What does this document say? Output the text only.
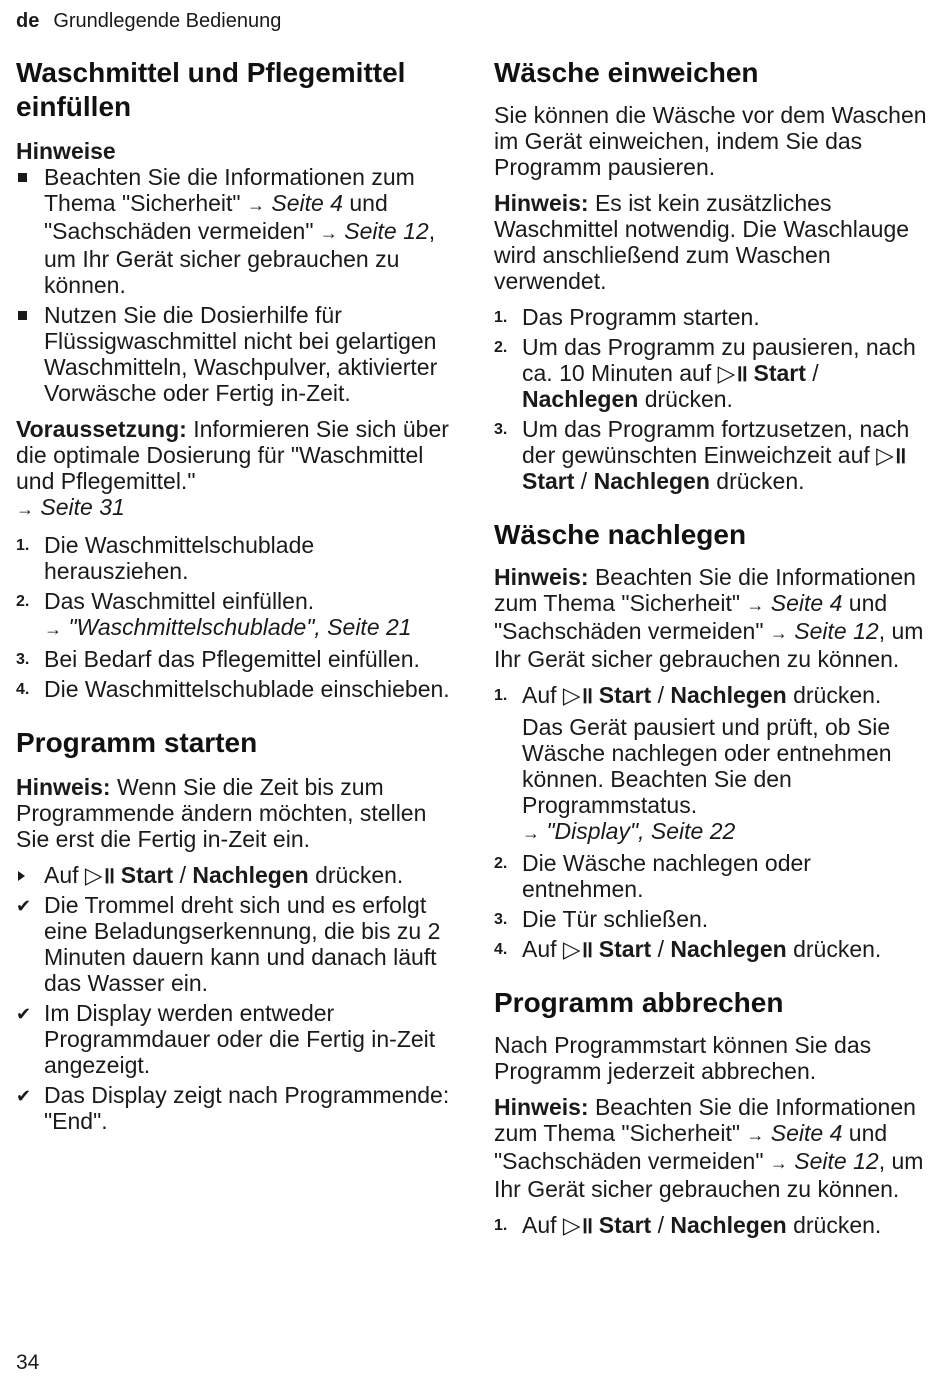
de Grundlegende Bedienung
Waschmittel und Pflegemittel einfüllen
Hinweise
Beachten Sie die Informationen zum Thema "Sicherheit" → Seite 4 und "Sachschäden vermeiden" → Seite 12, um Ihr Gerät sicher gebrauchen zu können.
Nutzen Sie die Dosierhilfe für Flüssigwaschmittel nicht bei gelartigen Waschmitteln, Waschpulver, aktivierter Vorwäsche oder Fertig in-Zeit.

Voraussetzung: Informieren Sie sich über die optimale Dosierung für "Waschmittel und Pflegemittel."
→ Seite 31

1. Die Waschmittelschublade herausziehen.
2. Das Waschmittel einfüllen.
→ "Waschmittelschublade", Seite 21
3. Bei Bedarf das Pflegemittel einfüllen.
4. Die Waschmittelschublade einschieben.
Programm starten

Hinweis: Wenn Sie die Zeit bis zum Programmende ändern möchten, stellen Sie erst die Fertig in-Zeit ein.

Auf ▷॥ Start / Nachlegen drücken.
✔ Die Trommel dreht sich und es erfolgt eine Beladungserkennung, die bis zu 2 Minuten dauern kann und danach läuft das Wasser ein.
✔ Im Display werden entweder Programmdauer oder die Fertig in-Zeit angezeigt.
✔ Das Display zeigt nach Programmende: "End".
Wäsche einweichen

Sie können die Wäsche vor dem Waschen im Gerät einweichen, indem Sie das Programm pausieren.

Hinweis: Es ist kein zusätzliches Waschmittel notwendig. Die Waschlauge wird anschließend zum Waschen verwendet.

1. Das Programm starten.
2. Um das Programm zu pausieren, nach ca. 10 Minuten auf ▷॥ Start / Nachlegen drücken.
3. Um das Programm fortzusetzen, nach der gewünschten Einweichzeit auf ▷॥ Start / Nachlegen drücken.
Wäsche nachlegen

Hinweis: Beachten Sie die Informationen zum Thema "Sicherheit" → Seite 4 und "Sachschäden vermeiden" → Seite 12, um Ihr Gerät sicher gebrauchen zu können.

1. Auf ▷॥ Start / Nachlegen drücken.
Das Gerät pausiert und prüft, ob Sie Wäsche nachlegen oder entnehmen können. Beachten Sie den Programmstatus.
→ "Display", Seite 22
2. Die Wäsche nachlegen oder entnehmen.
3. Die Tür schließen.
4. Auf ▷॥ Start / Nachlegen drücken.
Programm abbrechen

Nach Programmstart können Sie das Programm jederzeit abbrechen.

Hinweis: Beachten Sie die Informationen zum Thema "Sicherheit" → Seite 4 und "Sachschäden vermeiden" → Seite 12, um Ihr Gerät sicher gebrauchen zu können.

1. Auf ▷॥ Start / Nachlegen drücken.
34
